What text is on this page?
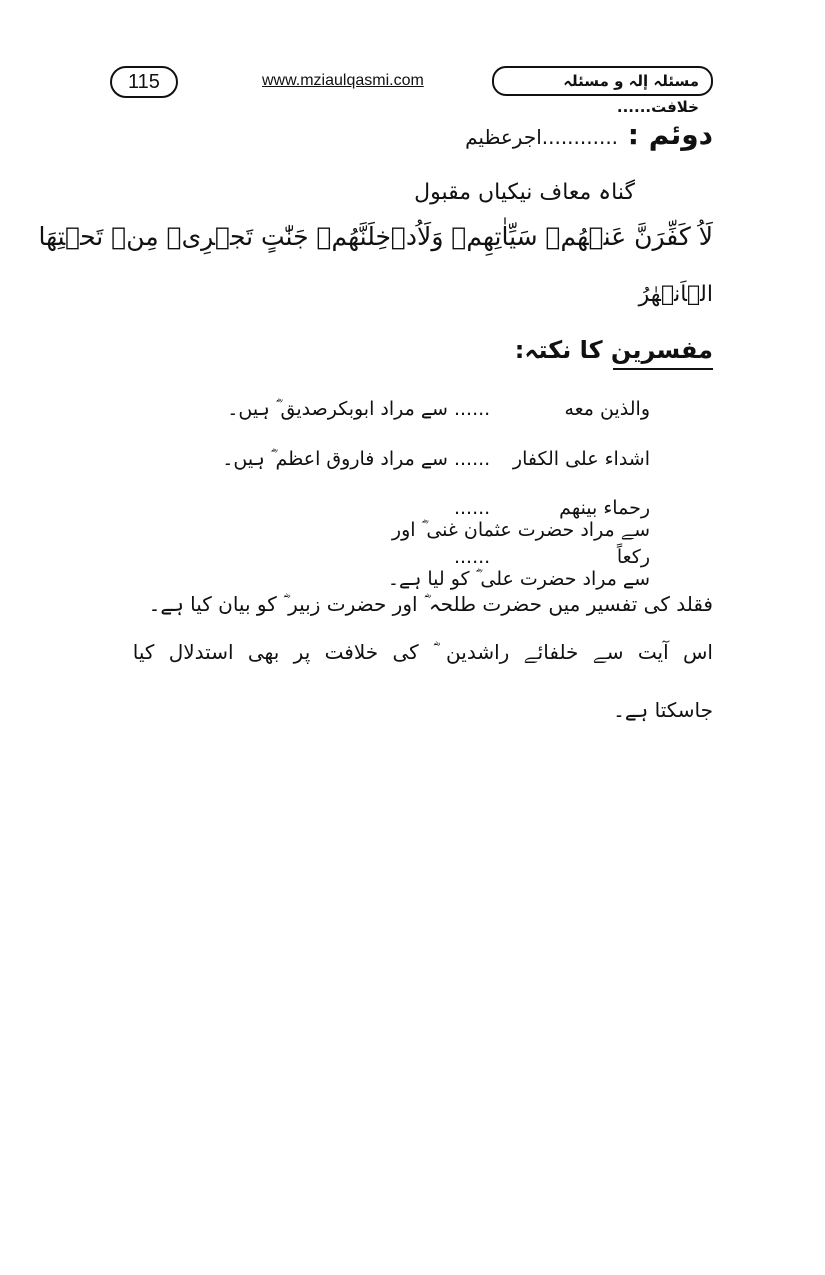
115	www.mziaulqasmi.com	مسئلہ إلہ و مسئلہ خلافت......
دوئم : ............اجرعظیم
گناہ معاف نیکیاں مقبول
لَاُ كَفِّرَنَّ عَنۡهُمۡ سَيِّاٰتِهِمۡ وَلَاُدۡخِلَنَّهُمۡ جَنّٰتٍ تَجۡرِىۡ مِنۡ تَحۡتِهَا
الۡاَنۡهٰرُ
مفسرین کا نکتہ:
والذين معه ...... سے مراد ابوبکرصدیق ؓ ہیں۔
اشداء علی الکفار ...... سے مراد فاروق اعظم ؓ ہیں۔
رحماء بينهم ...... سے مراد حضرت عثمان غنی ؓ اور
رکعاً ...... سے مراد حضرت علی ؓ کو لیا ہے۔
فقلد کی تفسیر میں حضرت طلحہ ؓ اور حضرت زبیر ؓ کو بیان کیا ہے۔
اس آیت سے خلفائے راشدین ؓ کی خلافت پر بھی استدلال کیا
جاسکتا ہے۔
